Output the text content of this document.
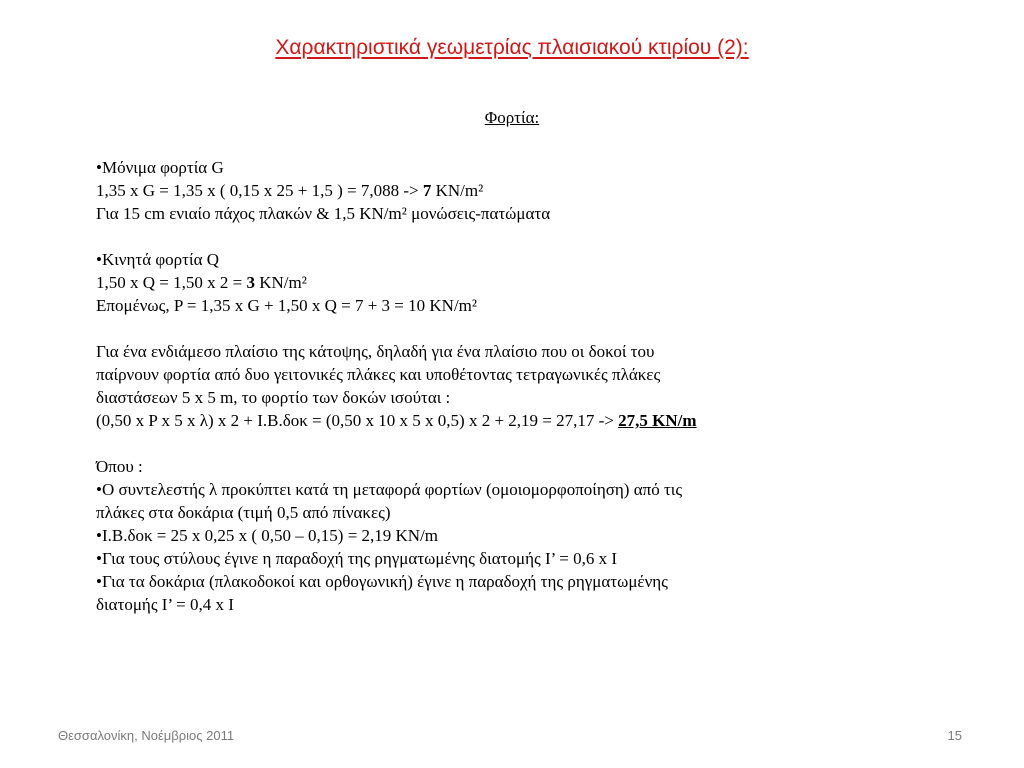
Χαρακτηριστικά γεωμετρίας πλαισιακού κτιρίου (2):
Φορτία:
•Μόνιμα φορτία G
1,35 x G = 1,35 x ( 0,15 x 25 + 1,5 ) = 7,088 -> 7 KN/m²
Για 15 cm ενιαίο πάχος πλακών & 1,5 KN/m² μονώσεις-πατώματα
•Κινητά φορτία Q
1,50 x Q = 1,50 x 2 = 3 KN/m²
Επομένως, P = 1,35 x G + 1,50 x Q = 7 + 3 = 10 KN/m²
Για ένα ενδιάμεσο πλαίσιο της κάτοψης, δηλαδή για ένα πλαίσιο που οι δοκοί του
παίρνουν φορτία από δυο γειτονικές πλάκες και υποθέτοντας τετραγωνικές πλάκες
διαστάσεων 5 x 5 m, το φορτίο των δοκών ισούται :
(0,50 x P x 5 x λ) x 2 + I.B.δοκ = (0,50 x 10 x 5 x 0,5) x 2 + 2,19 = 27,17 -> 27,5 KN/m
Όπου :
•Ο συντελεστής λ προκύπτει κατά τη μεταφορά φορτίων (ομοιομορφοποίηση) από τις
πλάκες στα δοκάρια (τιμή 0,5 από πίνακες)
•I.B.δοκ = 25 x 0,25 x ( 0,50 – 0,15) = 2,19 KN/m
•Για τους στύλους έγινε η παραδοχή της ρηγματωμένης διατομής I’ = 0,6 x I
•Για τα δοκάρια (πλακοδοκοί και ορθογωνική) έγινε η παραδοχή της ρηγματωμένης
διατομής I’ = 0,4 x I
Θεσσαλονίκη, Νοέμβριος 2011	15
